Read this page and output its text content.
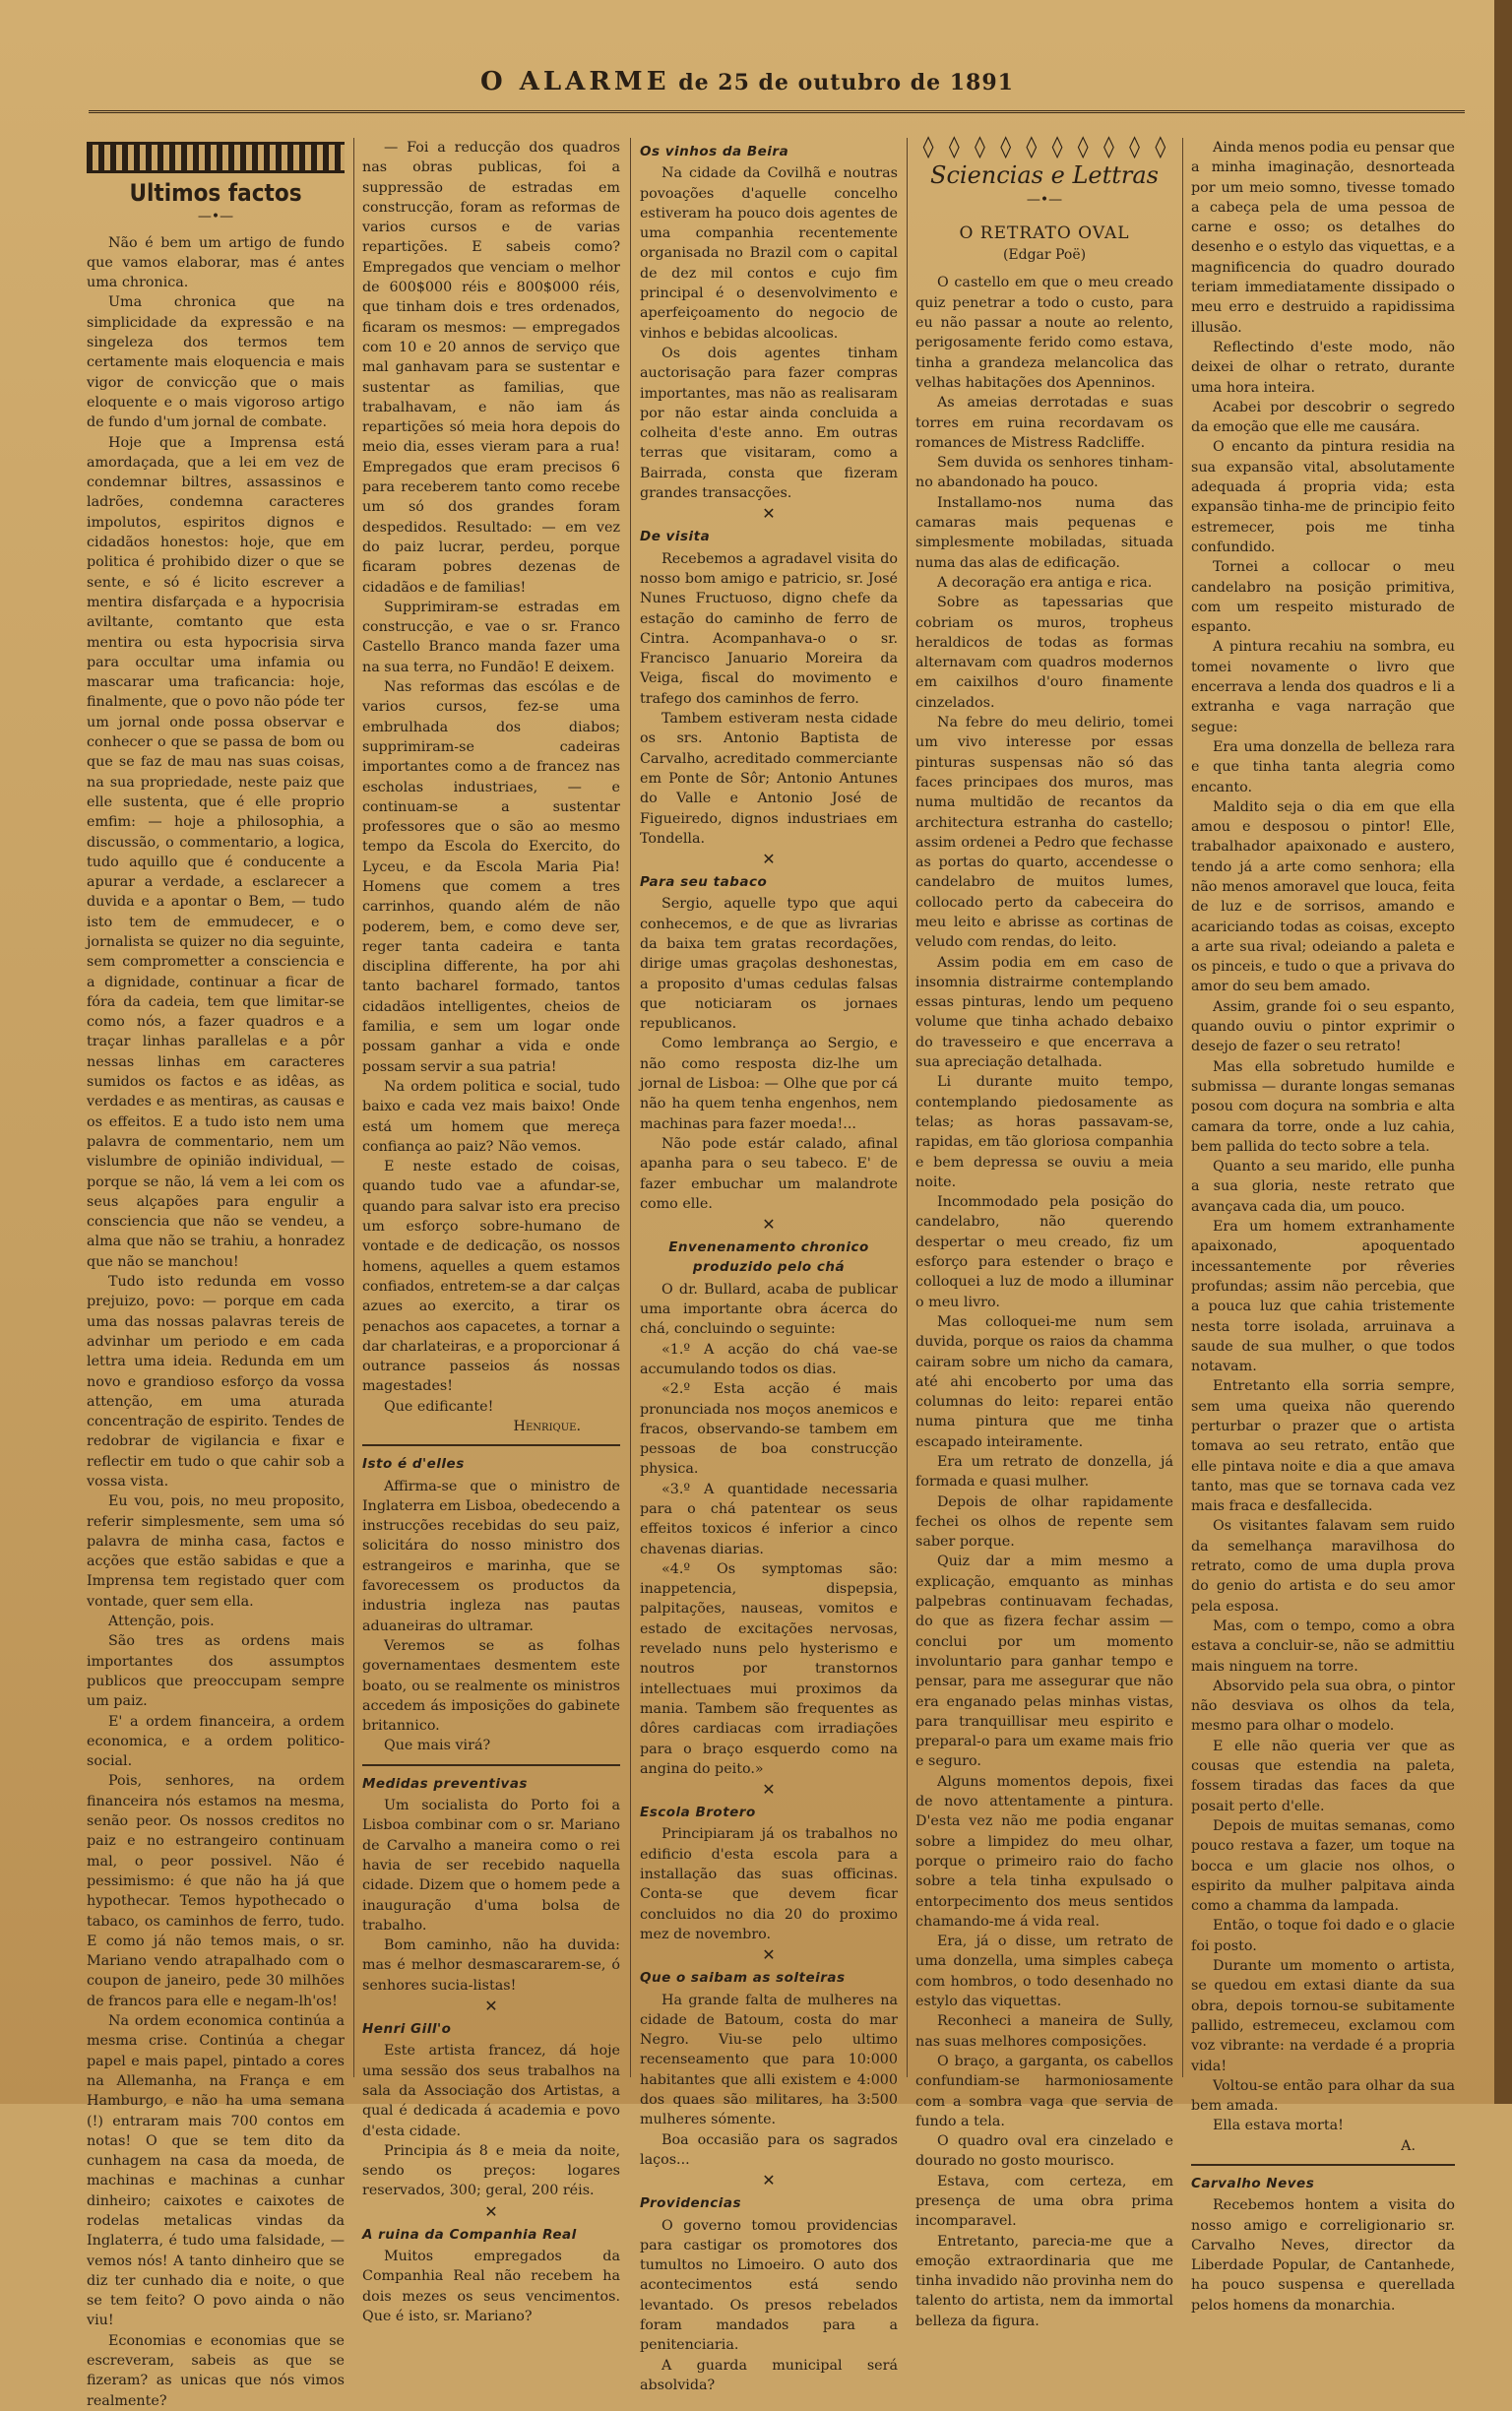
O ALARME de 25 de outubro de 1891
Ultimos factos
—•—

Não é bem um artigo de fundo que vamos elaborar, mas é antes uma chronica.

Uma chronica que na simplicidade da expressão e na singeleza dos termos tem certamente mais eloquencia e mais vigor de convicção que o mais eloquente e o mais vigoroso artigo de fundo d'um jornal de combate.

Hoje que a Imprensa está amordaçada, que a lei em vez de condemnar biltres, assassinos e ladrões, condemna caracteres impolutos, espiritos dignos e cidadãos honestos: hoje, que em politica é prohibido dizer o que se sente, e só é licito escrever a mentira disfarçada e a hypocrisia aviltante, comtanto que esta mentira ou esta hypocrisia sirva para occultar uma infamia ou mascarar uma traficancia: hoje, finalmente, que o povo não póde ter um jornal onde possa observar e conhecer o que se passa de bom ou que se faz de mau nas suas coisas, na sua propriedade, neste paiz que elle sustenta, que é elle proprio emfim: — hoje a philosophia, a discussão, o commentario, a logica, tudo aquillo que é conducente a apurar a verdade, a esclarecer a duvida e a apontar o Bem, — tudo isto tem de emmudecer, e o jornalista se quizer no dia seguinte, sem comprometter a consciencia e a dignidade, continuar a ficar de fóra da cadeia, tem que limitar-se como nós, a fazer quadros e a traçar linhas parallelas e a pôr nessas linhas em caracteres sumidos os factos e as idêas, as verdades e as mentiras, as causas e os effeitos. E a tudo isto nem uma palavra de commentario, nem um vislumbre de opinião individual, — porque se não, lá vem a lei com os seus alçapões para engulir a consciencia que não se vendeu, a alma que não se trahiu, a honradez que não se manchou!

Tudo isto redunda em vosso prejuizo, povo: — porque em cada uma das nossas palavras tereis de advinhar um periodo e em cada lettra uma ideia. Redunda em um novo e grandioso esforço da vossa attenção, em uma aturada concentração de espirito. Tendes de redobrar de vigilancia e fixar e reflectir em tudo o que cahir sob a vossa vista.

Eu vou, pois, no meu proposito, referir simplesmente, sem uma só palavra de minha casa, factos e acções que estão sabidas e que a Imprensa tem registado quer com vontade, quer sem ella.

Attenção, pois.

São tres as ordens mais importantes dos assumptos publicos que preoccupam sempre um paiz.

E' a ordem financeira, a ordem economica, e a ordem politico-social.

Pois, senhores, na ordem financeira nós estamos na mesma, senão peor. Os nossos creditos no paiz e no estrangeiro continuam mal, o peor possivel. Não é pessimismo: é que não ha já que hypothecar. Temos hypothecado o tabaco, os caminhos de ferro, tudo. E como já não temos mais, o sr. Mariano vendo atrapalhado com o coupon de janeiro, pede 30 milhões de francos para elle e negam-lh'os!

Na ordem economica continúa a mesma crise. Continúa a chegar papel e mais papel, pintado a cores na Allemanha, na França e em Hamburgo, e não ha uma semana (!) entraram mais 700 contos em notas! O que se tem dito da cunhagem na casa da moeda, de machinas e machinas a cunhar dinheiro; caixotes e caixotes de rodelas metalicas vindas da Inglaterra, é tudo uma falsidade, — vemos nós! A tanto dinheiro que se diz ter cunhado dia e noite, o que se tem feito? O povo ainda o não viu!

Economias e economias que se escreveram, sabeis as que se fizeram? as unicas que nós vimos realmente?

— Foi a reducção dos quadros nas obras publicas, foi a suppressão de estradas em construcção, foram as reformas de varios cursos e de varias repartições. E sabeis como? Empregados que venciam o melhor de 600$000 réis e 800$000 réis, que tinham dois e tres ordenados, ficaram os mesmos: — empregados com 10 e 20 annos de serviço que mal ganhavam para se sustentar e sustentar as familias, que trabalhavam, e não iam ás repartições só meia hora depois do meio dia, esses vieram para a rua! Empregados que eram precisos 6 para receberem tanto como recebe um só dos grandes foram despedidos. Resultado: — em vez do paiz lucrar, perdeu, porque ficaram pobres dezenas de cidadãos e de familias!

Supprimiram-se estradas em construcção, e vae o sr. Franco Castello Branco manda fazer uma na sua terra, no Fundão! E deixem.

Nas reformas das escólas e de varios cursos, fez-se uma embrulhada dos diabos; supprimiram-se cadeiras importantes como a de francez nas escholas industriaes, — e continuam-se a sustentar professores que o são ao mesmo tempo da Escola do Exercito, do Lyceu, e da Escola Maria Pia! Homens que comem a tres carrinhos, quando além de não poderem, bem, e como deve ser, reger tanta cadeira e tanta disciplina differente, ha por ahi tanto bacharel formado, tantos cidadãos intelligentes, cheios de familia, e sem um logar onde possam ganhar a vida e onde possam servir a sua patria!

Na ordem politica e social, tudo baixo e cada vez mais baixo! Onde está um homem que mereça confiança ao paiz? Não vemos.

E neste estado de coisas, quando tudo vae a afundar-se, quando para salvar isto era preciso um esforço sobre-humano de vontade e de dedicação, os nossos homens, aquelles a quem estamos confiados, entretem-se a dar calças azues ao exercito, a tirar os penachos aos capacetes, a tornar a dar charlateiras, e a proporcionar á outrance passeios ás nossas magestades!

Que edificante!

Henrique.
Isto é d'elles

Affirma-se que o ministro de Inglaterra em Lisboa, obedecendo a instrucções recebidas do seu paiz, solicitára do nosso ministro dos estrangeiros e marinha, que se favorecessem os productos da industria ingleza nas pautas aduaneiras do ultramar.

Veremos se as folhas governamentaes desmentem este boato, ou se realmente os ministros accedem ás imposições do gabinete britannico.

Que mais virá?

Medidas preventivas

Um socialista do Porto foi a Lisboa combinar com o sr. Mariano de Carvalho a maneira como o rei havia de ser recebido naquella cidade. Dizem que o homem pede a inauguração d'uma bolsa de trabalho.

Bom caminho, não ha duvida: mas é melhor desmascararem-se, ó senhores sucia-listas!

✕
Henri Gill'o

Este artista francez, dá hoje uma sessão dos seus trabalhos na sala da Associação dos Artistas, a qual é dedicada á academia e povo d'esta cidade.

Principia ás 8 e meia da noite, sendo os preços: logares reservados, 300; geral, 200 réis.

✕
A ruina da Companhia Real

Muitos empregados da Companhia Real não recebem ha dois mezes os seus vencimentos. Que é isto, sr. Mariano?

Os vinhos da Beira

Na cidade da Covilhã e noutras povoações d'aquelle concelho estiveram ha pouco dois agentes de uma companhia recentemente organisada no Brazil com o capital de dez mil contos e cujo fim principal é o desenvolvimento e aperfeiçoamento do negocio de vinhos e bebidas alcoolicas.

Os dois agentes tinham auctorisação para fazer compras importantes, mas não as realisaram por não estar ainda concluida a colheita d'este anno. Em outras terras que visitaram, como a Bairrada, consta que fizeram grandes transacções.

✕
De visita

Recebemos a agradavel visita do nosso bom amigo e patricio, sr. José Nunes Fructuoso, digno chefe da estação do caminho de ferro de Cintra. Acompanhava-o o sr. Francisco Januario Moreira da Veiga, fiscal do movimento e trafego dos caminhos de ferro.

Tambem estiveram nesta cidade os srs. Antonio Baptista de Carvalho, acreditado commerciante em Ponte de Sôr; Antonio Antunes do Valle e Antonio José de Figueiredo, dignos industriaes em Tondella.

✕
Para seu tabaco

Sergio, aquelle typo que aqui conhecemos, e de que as livrarias da baixa tem gratas recordações, dirige umas graçolas deshonestas, a proposito d'umas cedulas falsas que noticiaram os jornaes republicanos.

Como lembrança ao Sergio, e não como resposta diz-lhe um jornal de Lisboa: — Olhe que por cá não ha quem tenha engenhos, nem machinas para fazer moeda!...

Não pode estár calado, afinal apanha para o seu tabeco. E' de fazer embuchar um malandrote como elle.

✕
Envenenamento chronico produzido pelo chá

O dr. Bullard, acaba de publicar uma importante obra ácerca do chá, concluindo o seguinte:

«1.º A acção do chá vae-se accumulando todos os dias.

«2.º Esta acção é mais pronunciada nos moços anemicos e fracos, observando-se tambem em pessoas de boa construcção physica.

«3.º A quantidade necessaria para o chá patentear os seus effeitos toxicos é inferior a cinco chavenas diarias.

«4.º Os symptomas são: inappetencia, dispepsia, palpitações, nauseas, vomitos e estado de excitações nervosas, revelado nuns pelo hysterismo e noutros por transtornos intellectuaes mui proximos da mania. Tambem são frequentes as dôres cardiacas com irradiações para o braço esquerdo como na angina do peito.»

✕
Escola Brotero

Principiaram já os trabalhos no edificio d'esta escola para a installação das suas officinas. Conta-se que devem ficar concluidos no dia 20 do proximo mez de novembro.

✕
Que o saibam as solteiras

Ha grande falta de mulheres na cidade de Batoum, costa do mar Negro. Viu-se pelo ultimo recenseamento que para 10:000 habitantes que alli existem e 4:000 dos quaes são militares, ha 3:500 mulheres sómente.

Boa occasião para os sagrados laços...

✕
Providencias

O governo tomou providencias para castigar os promotores dos tumultos no Limoeiro. O auto dos acontecimentos está sendo levantado. Os presos rebelados foram mandados para a penitenciaria.

A guarda municipal será absolvida?

◊ ◊ ◊ ◊ ◊ ◊ ◊ ◊ ◊ ◊
Sciencias e Lettras
—•—
O RETRATO OVAL
(Edgar Poë)

O castello em que o meu creado quiz penetrar a todo o custo, para eu não passar a noute ao relento, perigosamente ferido como estava, tinha a grandeza melancolica das velhas habitações dos Apenninos.

As ameias derrotadas e suas torres em ruina recordavam os romances de Mistress Radcliffe.

Sem duvida os senhores tinham-no abandonado ha pouco.

Installamo-nos numa das camaras mais pequenas e simplesmente mobiladas, situada numa das alas de edificação.

A decoração era antiga e rica.

Sobre as tapessarias que cobriam os muros, tropheus heraldicos de todas as formas alternavam com quadros modernos em caixilhos d'ouro finamente cinzelados.

Na febre do meu delirio, tomei um vivo interesse por essas pinturas suspensas não só das faces principaes dos muros, mas numa multidão de recantos da architectura estranha do castello; assim ordenei a Pedro que fechasse as portas do quarto, accendesse o candelabro de muitos lumes, collocado perto da cabeceira do meu leito e abrisse as cortinas de veludo com rendas, do leito.

Assim podia em em caso de insomnia distrairme contemplando essas pinturas, lendo um pequeno volume que tinha achado debaixo do travesseiro e que encerrava a sua apreciação detalhada.

Li durante muito tempo, contemplando piedosamente as telas; as horas passavam-se, rapidas, em tão gloriosa companhia e bem depressa se ouviu a meia noite.

Incommodado pela posição do candelabro, não querendo despertar o meu creado, fiz um esforço para estender o braço e colloquei a luz de modo a illuminar o meu livro.

Mas colloquei-me num sem duvida, porque os raios da chamma cairam sobre um nicho da camara, até ahi encoberto por uma das columnas do leito: reparei então numa pintura que me tinha escapado inteiramente.

Era um retrato de donzella, já formada e quasi mulher.

Depois de olhar rapidamente fechei os olhos de repente sem saber porque.

Quiz dar a mim mesmo a explicação, emquanto as minhas palpebras continuavam fechadas, do que as fizera fechar assim — conclui por um momento involuntario para ganhar tempo e pensar, para me assegurar que não era enganado pelas minhas vistas, para tranquillisar meu espirito e preparal-o para um exame mais frio e seguro.

Alguns momentos depois, fixei de novo attentamente a pintura. D'esta vez não me podia enganar sobre a limpidez do meu olhar, porque o primeiro raio do facho sobre a tela tinha expulsado o entorpecimento dos meus sentidos chamando-me á vida real.

Era, já o disse, um retrato de uma donzella, uma simples cabeça com hombros, o todo desenhado no estylo das viquettas.

Reconheci a maneira de Sully, nas suas melhores composições.

O braço, a garganta, os cabellos confundiam-se harmoniosamente com a sombra vaga que servia de fundo a tela.

O quadro oval era cinzelado e dourado no gosto mourisco.

Estava, com certeza, em presença de uma obra prima incomparavel.

Entretanto, parecia-me que a emoção extraordinaria que me tinha invadido não provinha nem do talento do artista, nem da immortal belleza da figura.

Ainda menos podia eu pensar que a minha imaginação, desnorteada por um meio somno, tivesse tomado a cabeça pela de uma pessoa de carne e osso; os detalhes do desenho e o estylo das viquettas, e a magnificencia do quadro dourado teriam immediatamente dissipado o meu erro e destruido a rapidissima illusão.

Reflectindo d'este modo, não deixei de olhar o retrato, durante uma hora inteira.

Acabei por descobrir o segredo da emoção que elle me causára.

O encanto da pintura residia na sua expansão vital, absolutamente adequada á propria vida; esta expansão tinha-me de principio feito estremecer, pois me tinha confundido.

Tornei a collocar o meu candelabro na posição primitiva, com um respeito misturado de espanto.

A pintura recahiu na sombra, eu tomei novamente o livro que encerrava a lenda dos quadros e li a extranha e vaga narração que segue:

Era uma donzella de belleza rara e que tinha tanta alegria como encanto.

Maldito seja o dia em que ella amou e desposou o pintor! Elle, trabalhador apaixonado e austero, tendo já a arte como senhora; ella não menos amoravel que louca, feita de luz e de sorrisos, amando e acariciando todas as coisas, excepto a arte sua rival; odeiando a paleta e os pinceis, e tudo o que a privava do amor do seu bem amado.

Assim, grande foi o seu espanto, quando ouviu o pintor exprimir o desejo de fazer o seu retrato!

Mas ella sobretudo humilde e submissa — durante longas semanas posou com doçura na sombria e alta camara da torre, onde a luz cahia, bem pallida do tecto sobre a tela.

Quanto a seu marido, elle punha a sua gloria, neste retrato que avançava cada dia, um pouco.

Era um homem extranhamente apaixonado, apoquentado incessantemente por rêveries profundas; assim não percebia, que a pouca luz que cahia tristemente nesta torre isolada, arruinava a saude de sua mulher, o que todos notavam.

Entretanto ella sorria sempre, sem uma queixa não querendo perturbar o prazer que o artista tomava ao seu retrato, então que elle pintava noite e dia a que amava tanto, mas que se tornava cada vez mais fraca e desfallecida.

Os visitantes falavam sem ruido da semelhança maravilhosa do retrato, como de uma dupla prova do genio do artista e do seu amor pela esposa.

Mas, com o tempo, como a obra estava a concluir-se, não se admittiu mais ninguem na torre.

Absorvido pela sua obra, o pintor não desviava os olhos da tela, mesmo para olhar o modelo.

E elle não queria ver que as cousas que estendia na paleta, fossem tiradas das faces da que posait perto d'elle.

Depois de muitas semanas, como pouco restava a fazer, um toque na bocca e um glacie nos olhos, o espirito da mulher palpitava ainda como a chamma da lampada.

Então, o toque foi dado e o glacie foi posto.

Durante um momento o artista, se quedou em extasi diante da sua obra, depois tornou-se subitamente pallido, estremeceu, exclamou com voz vibrante: na verdade é a propria vida!

Voltou-se então para olhar da sua bem amada.

Ella estava morta!

A.
Carvalho Neves

Recebemos hontem a visita do nosso amigo e correligionario sr. Carvalho Neves, director da Liberdade Popular, de Cantanhede, ha pouco suspensa e querellada pelos homens da monarchia.
